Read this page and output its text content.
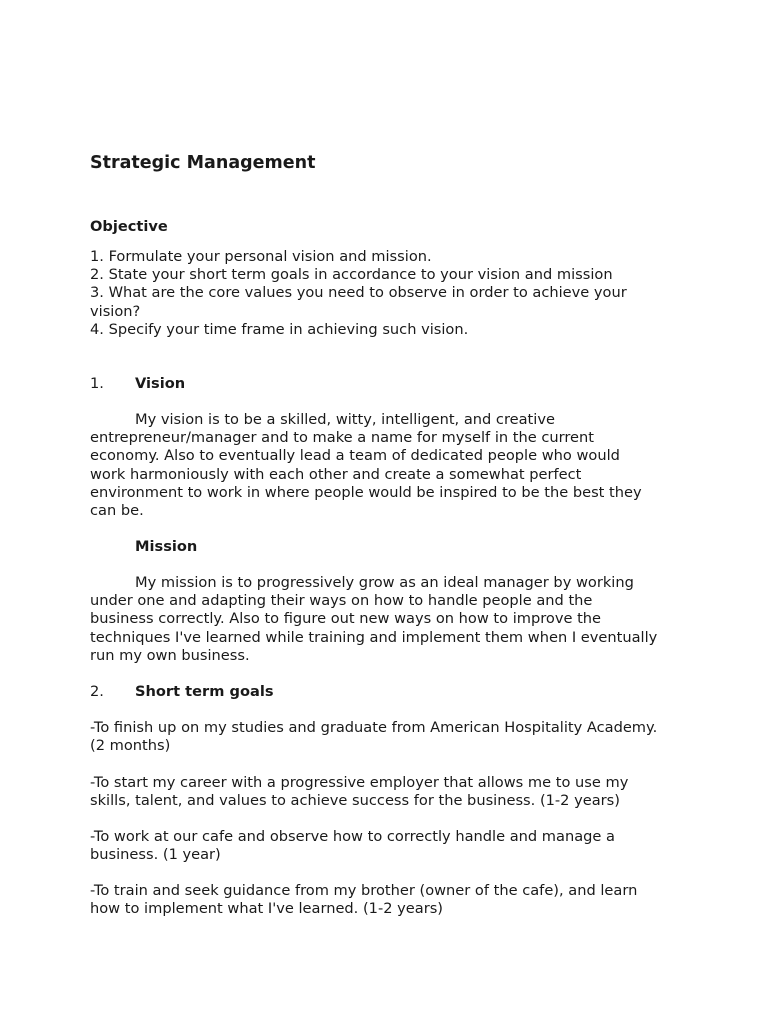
Strategic Management
Objective
1. Formulate your personal vision and mission.
2. State your short term goals in accordance to your vision and mission
3. What are the core values you need to observe in order to achieve your
vision?
4. Specify your time frame in achieving such vision.
1. Vision
My vision is to be a skilled, witty, intelligent, and creative
entrepreneur/manager and to make a name for myself in the current
economy. Also to eventually lead a team of dedicated people who would
work harmoniously with each other and create a somewhat perfect
environment to work in where people would be inspired to be the best they
can be.
Mission
My mission is to progressively grow as an ideal manager by working
under one and adapting their ways on how to handle people and the
business correctly. Also to figure out new ways on how to improve the
techniques I've learned while training and implement them when I eventually
run my own business.
2. Short term goals
-To finish up on my studies and graduate from American Hospitality Academy.
(2 months)
-To start my career with a progressive employer that allows me to use my
skills, talent, and values to achieve success for the business. (1-2 years)
-To work at our cafe and observe how to correctly handle and manage a
business. (1 year)
-To train and seek guidance from my brother (owner of the cafe), and learn
how to implement what I've learned. (1-2 years)
